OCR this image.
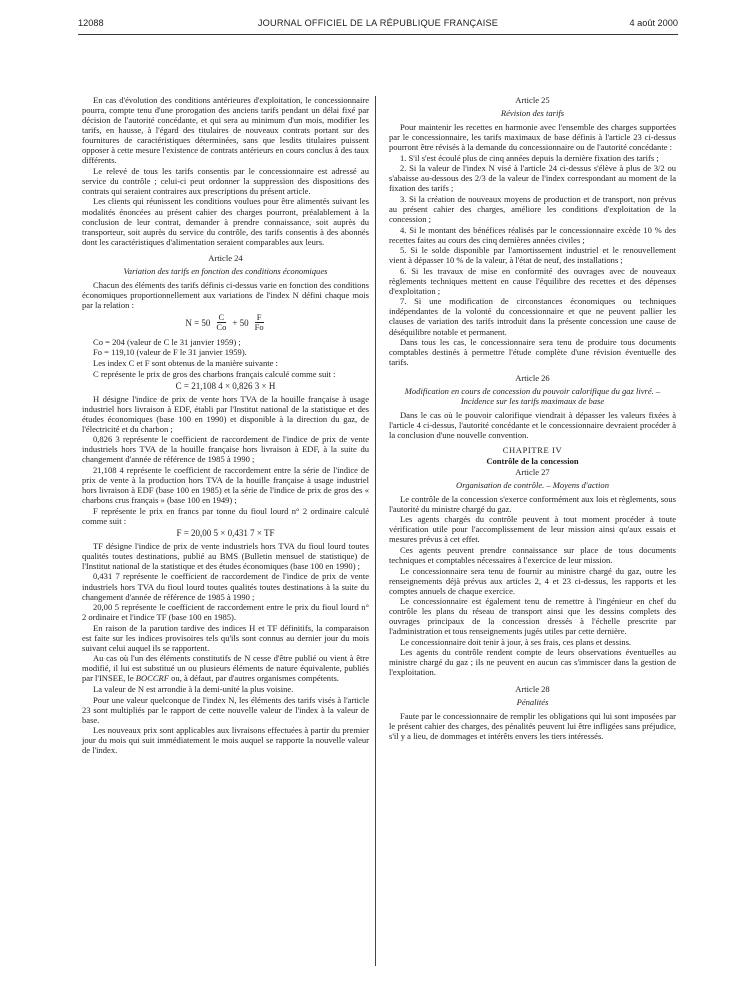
12088	JOURNAL OFFICIEL DE LA RÉPUBLIQUE FRANÇAISE	4 août 2000

En cas d'évolution des conditions antérieures d'exploitation, le concessionnaire pourra, compte tenu d'une prorogation des anciens tarifs pendant un délai fixé par décision de l'autorité concédante, et qui sera au minimum d'un mois, modifier les tarifs, en hausse, à l'égard des titulaires de nouveaux contrats portant sur des fournitures de caractéristiques déterminées, sans que lesdits titulaires puissent opposer à cette mesure l'existence de contrats antérieurs en cours conclus à des taux différents.

Le relevé de tous les tarifs consentis par le concessionnaire est adressé au service du contrôle ; celui-ci peut ordonner la suppression des dispositions des contrats qui seraient contraires aux prescriptions du présent article.

Les clients qui réunissent les conditions voulues pour être alimentés suivant les modalités énoncées au présent cahier des charges pourront, préalablement à la conclusion de leur contrat, demander à prendre connaissance, soit auprès du transporteur, soit auprès du service du contrôle, des tarifs consentis à des abonnés dont les caractéristiques d'alimentation seraient comparables aux leurs.

Article 24
Variation des tarifs en fonction des conditions économiques

Chacun des éléments des tarifs définis ci-dessus varie en fonction des conditions économiques proportionnellement aux variations de l'index N défini chaque mois par la relation :

$N = 50 \frac{C}{Co} + 50 \frac{F}{Fo}$

Co = 204 (valeur de C le 31 janvier 1959) ;

Fo = 119,10 (valeur de F le 31 janvier 1959).

Les index C et F sont obtenus de la manière suivante :

C représente le prix de gros des charbons français calculé comme suit :

C = 21,108 4 × 0,826 3 × H

H désigne l'indice de prix de vente hors TVA de la houille française à usage industriel hors livraison à EDF, établi par l'Institut national de la statistique et des études économiques (base 100 en 1990) et disponible à la direction du gaz, de l'électricité et du charbon ;

0,826 3 représente le coefficient de raccordement de l'indice de prix de vente industriels hors TVA de la houille française hors livraison à EDF, à la suite du changement d'année de référence de 1985 à 1990 ;

21,108 4 représente le coefficient de raccordement entre la série de l'indice de prix de vente à la production hors TVA de la houille française à usage industriel hors livraison à EDF (base 100 en 1985) et la série de l'indice de prix de gros des « charbons crus français » (base 100 en 1949) ;

F représente le prix en francs par tonne du fioul lourd n° 2 ordinaire calculé comme suit :

F = 20,00 5 × 0,431 7 × TF

TF désigne l'indice de prix de vente industriels hors TVA du fioul lourd toutes qualités toutes destinations, publié au BMS (Bulletin mensuel de statistique) de l'Institut national de la statistique et des études économiques (base 100 en 1990) ;

0,431 7 représente le coefficient de raccordement de l'indice de prix de vente industriels hors TVA du fioul lourd toutes qualités toutes destinations à la suite du changement d'année de référence de 1985 à 1990 ;

20,00 5 représente le coefficient de raccordement entre le prix du fioul lourd n° 2 ordinaire et l'indice TF (base 100 en 1985).

En raison de la parution tardive des indices H et TF définitifs, la comparaison est faite sur les indices provisoires tels qu'ils sont connus au dernier jour du mois suivant celui auquel ils se rapportent.

Au cas où l'un des éléments constitutifs de N cesse d'être publié ou vient à être modifié, il lui est substitué un ou plusieurs éléments de nature équivalente, publiés par l'INSEE, le BOCCRF ou, à défaut, par d'autres organismes compétents.

La valeur de N est arrondie à la demi-unité la plus voisine.

Pour une valeur quelconque de l'index N, les éléments des tarifs visés à l'article 23 sont multipliés par le rapport de cette nouvelle valeur de l'index à la valeur de base.

Les nouveaux prix sont applicables aux livraisons effectuées à partir du premier jour du mois qui suit immédiatement le mois auquel se rapporte la nouvelle valeur de l'index.

Article 25
Révision des tarifs

Pour maintenir les recettes en harmonie avec l'ensemble des charges supportées par le concessionnaire, les tarifs maximaux de base définis à l'article 23 ci-dessus pourront être révisés à la demande du concessionnaire ou de l'autorité concédante :

1. S'il s'est écoulé plus de cinq années depuis la dernière fixation des tarifs ;

2. Si la valeur de l'index N visé à l'article 24 ci-dessus s'élève à plus de 3/2 ou s'abaisse au-dessous des 2/3 de la valeur de l'index correspondant au moment de la fixation des tarifs ;

3. Si la création de nouveaux moyens de production et de transport, non prévus au présent cahier des charges, améliore les conditions d'exploitation de la concession ;

4. Si le montant des bénéfices réalisés par le concessionnaire excède 10 % des recettes faites au cours des cinq dernières années civiles ;

5. Si le solde disponible par l'amortissement industriel et le renouvellement vient à dépasser 10 % de la valeur, à l'état de neuf, des installations ;

6. Si les travaux de mise en conformité des ouvrages avec de nouveaux règlements techniques mettent en cause l'équilibre des recettes et des dépenses d'exploitation ;

7. Si une modification de circonstances économiques ou techniques indépendantes de la volonté du concessionnaire et que ne peuvent pallier les clauses de variation des tarifs introduit dans la présente concession une cause de déséquilibre notable et permanent.

Dans tous les cas, le concessionnaire sera tenu de produire tous documents comptables destinés à permettre l'étude complète d'une révision éventuelle des tarifs.

Article 26
Modification en cours de concession du pouvoir calorifique du gaz livré. – Incidence sur les tarifs maximaux de base

Dans le cas où le pouvoir calorifique viendrait à dépasser les valeurs fixées à l'article 4 ci-dessus, l'autorité concédante et le concessionnaire devraient procéder à la conclusion d'une nouvelle convention.

CHAPITRE IV
Contrôle de la concession
Article 27
Organisation de contrôle. – Moyens d'action

Le contrôle de la concession s'exerce conformément aux lois et règlements, sous l'autorité du ministre chargé du gaz.

Les agents chargés du contrôle peuvent à tout moment procéder à toute vérification utile pour l'accomplissement de leur mission ainsi qu'aux essais et mesures prévus à cet effet.

Ces agents peuvent prendre connaissance sur place de tous documents techniques et comptables nécessaires à l'exercice de leur mission.

Le concessionnaire sera tenu de fournir au ministre chargé du gaz, outre les renseignements déjà prévus aux articles 2, 4 et 23 ci-dessus, les rapports et les comptes annuels de chaque exercice.

Le concessionnaire est également tenu de remettre à l'ingénieur en chef du contrôle les plans du réseau de transport ainsi que les dessins complets des ouvrages principaux de la concession dressés à l'échelle prescrite par l'administration et tous renseignements jugés utiles par cette dernière.

Le concessionnaire doit tenir à jour, à ses frais, ces plans et dessins.

Les agents du contrôle rendent compte de leurs observations éventuelles au ministre chargé du gaz ; ils ne peuvent en aucun cas s'immiscer dans la gestion de l'exploitation.

Article 28
Pénalités

Faute par le concessionnaire de remplir les obligations qui lui sont imposées par le présent cahier des charges, des pénalités peuvent lui être infligées sans préjudice, s'il y a lieu, de dommages et intérêts envers les tiers intéressés.
